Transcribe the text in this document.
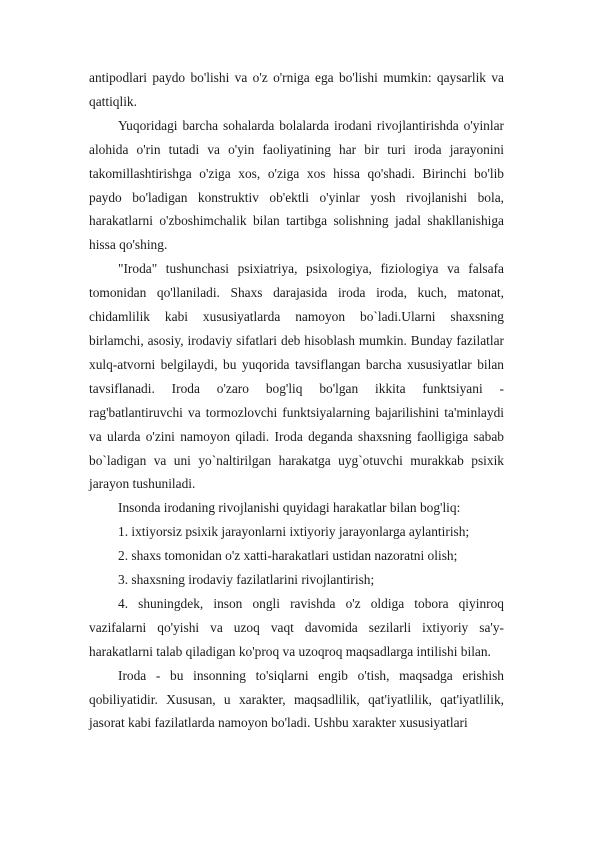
antipodlari paydo bo'lishi va o'z o'rniga ega bo'lishi mumkin: qaysarlik va qattiqlik.

Yuqoridagi barcha sohalarda bolalarda irodani rivojlantirishda o'yinlar alohida o'rin tutadi va o'yin faoliyatining har bir turi iroda jarayonini takomillashtirishga o'ziga xos, o'ziga xos hissa qo'shadi. Birinchi bo'lib paydo bo'ladigan konstruktiv ob'ektli o'yinlar yosh rivojlanishi bola, harakatlarni o'zboshimchalik bilan tartibga solishning jadal shakllanishiga hissa qo'shing.

"Iroda" tushunchasi psixiatriya, psixologiya, fiziologiya va falsafa tomonidan qo'llaniladi. Shaxs darajasida iroda iroda, kuch, matonat, chidamlilik kabi xususiyatlarda namoyon bo`ladi.Ularni shaxsning birlamchi, asosiy, irodaviy sifatlari deb hisoblash mumkin. Bunday fazilatlar xulq-atvorni belgilaydi, bu yuqorida tavsiflangan barcha xususiyatlar bilan tavsiflanadi. Iroda o'zaro bog'liq bo'lgan ikkita funktsiyani - rag'batlantiruvchi va tormozlovchi funktsiyalarning bajarilishini ta'minlaydi va ularda o'zini namoyon qiladi. Iroda deganda shaxsning faolligiga sabab bo`ladigan va uni yo`naltirilgan harakatga uyg`otuvchi murakkab psixik jarayon tushuniladi.

Insonda irodaning rivojlanishi quyidagi harakatlar bilan bog'liq:

1. ixtiyorsiz psixik jarayonlarni ixtiyoriy jarayonlarga aylantirish;

2. shaxs tomonidan o'z xatti-harakatlari ustidan nazoratni olish;

3. shaxsning irodaviy fazilatlarini rivojlantirish;

4. shuningdek, inson ongli ravishda o'z oldiga tobora qiyinroq vazifalarni qo'yishi va uzoq vaqt davomida sezilarli ixtiyoriy sa'y-harakatlarni talab qiladigan ko'proq va uzoqroq maqsadlarga intilishi bilan.

Iroda - bu insonning to'siqlarni engib o'tish, maqsadga erishish qobiliyatidir. Xususan, u xarakter, maqsadlilik, qat'iyatlilik, qat'iyatlilik, jasorat kabi fazilatlarda namoyon bo'ladi. Ushbu xarakter xususiyatlari
